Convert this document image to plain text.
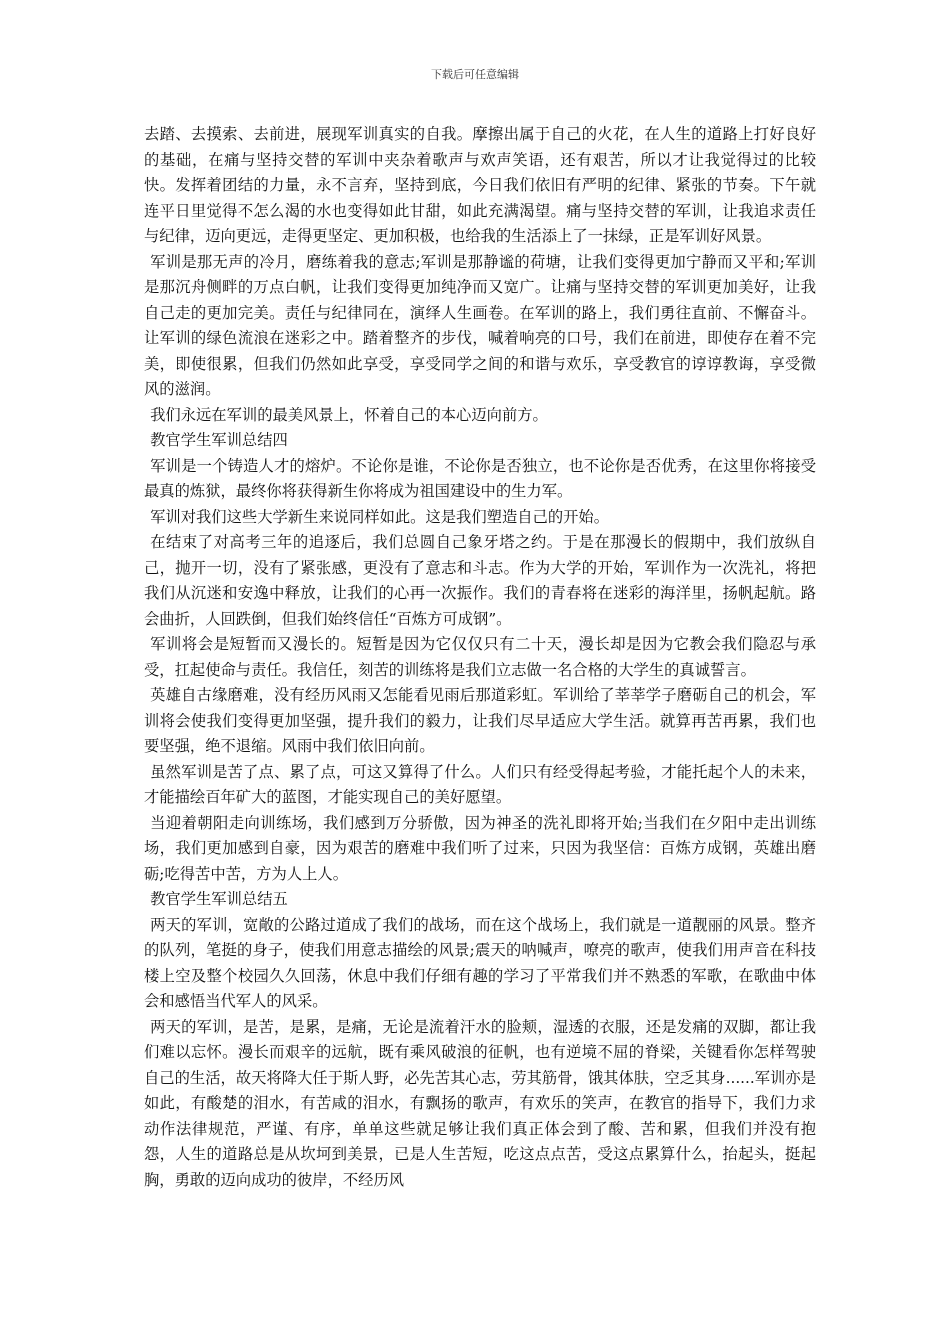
下载后可任意编辑

去踏、去摸索、去前进，展现军训真实的自我。摩擦出属于自己的火花，在人生的道路上打好良好的基础，在痛与坚持交替的军训中夹杂着歌声与欢声笑语，还有艰苦，所以才让我觉得过的比较快。发挥着团结的力量，永不言弃，坚持到底，今日我们依旧有严明的纪律、紧张的节奏。下午就连平日里觉得不怎么渴的水也变得如此甘甜，如此充满渴望。痛与坚持交替的军训，让我追求责任与纪律，迈向更远，走得更坚定、更加积极，也给我的生活添上了一抹绿，正是军训好风景。

军训是那无声的冷月，磨练着我的意志;军训是那静谧的荷塘，让我们变得更加宁静而又平和;军训是那沉舟侧畔的万点白帆，让我们变得更加纯净而又宽广。让痛与坚持交替的军训更加美好，让我自己走的更加完美。责任与纪律同在，演绎人生画卷。在军训的路上，我们勇往直前、不懈奋斗。让军训的绿色流浪在迷彩之中。踏着整齐的步伐，喊着响亮的口号，我们在前进，即使存在着不完美，即使很累，但我们仍然如此享受，享受同学之间的和谐与欢乐，享受教官的谆谆教诲，享受微风的滋润。

我们永远在军训的最美风景上，怀着自己的本心迈向前方。

教官学生军训总结四

军训是一个铸造人才的熔炉。不论你是谁，不论你是否独立，也不论你是否优秀，在这里你将接受最真的炼狱，最终你将获得新生你将成为祖国建设中的生力军。

军训对我们这些大学新生来说同样如此。这是我们塑造自己的开始。

在结束了对高考三年的追逐后，我们总圆自己象牙塔之约。于是在那漫长的假期中，我们放纵自己，抛开一切，没有了紧张感，更没有了意志和斗志。作为大学的开始，军训作为一次洗礼，将把我们从沉迷和安逸中释放，让我们的心再一次振作。我们的青春将在迷彩的海洋里，扬帆起航。路会曲折，人回跌倒，但我们始终信任“百炼方可成钢”。

军训将会是短暂而又漫长的。短暂是因为它仅仅只有二十天，漫长却是因为它教会我们隐忍与承受，扛起使命与责任。我信任，刻苦的训练将是我们立志做一名合格的大学生的真诚誓言。

英雄自古缘磨难，没有经历风雨又怎能看见雨后那道彩虹。军训给了莘莘学子磨砺自己的机会，军训将会使我们变得更加坚强，提升我们的毅力，让我们尽早适应大学生活。就算再苦再累，我们也要坚强，绝不退缩。风雨中我们依旧向前。

虽然军训是苦了点、累了点，可这又算得了什么。人们只有经受得起考验，才能托起个人的未来，才能描绘百年矿大的蓝图，才能实现自己的美好愿望。

当迎着朝阳走向训练场，我们感到万分骄傲，因为神圣的洗礼即将开始;当我们在夕阳中走出训练场，我们更加感到自豪，因为艰苦的磨难中我们听了过来，只因为我坚信：百炼方成钢，英雄出磨砺;吃得苦中苦，方为人上人。

教官学生军训总结五

两天的军训，宽敞的公路过道成了我们的战场，而在这个战场上，我们就是一道靓丽的风景。整齐的队列，笔挺的身子，使我们用意志描绘的风景;震天的呐喊声，嘹亮的歌声，使我们用声音在科技楼上空及整个校园久久回荡，休息中我们仔细有趣的学习了平常我们并不熟悉的军歌，在歌曲中体会和感悟当代军人的风采。

两天的军训，是苦，是累，是痛，无论是流着汗水的脸颊，湿透的衣服，还是发痛的双脚，都让我们难以忘怀。漫长而艰辛的远航，既有乘风破浪的征帆，也有逆境不屈的脊梁，关键看你怎样驾驶自己的生活，故天将降大任于斯人野，必先苦其心志，劳其筋骨，饿其体肤，空乏其身......军训亦是如此，有酸楚的泪水，有苦咸的泪水，有飘扬的歌声，有欢乐的笑声，在教官的指导下，我们力求动作法律规范，严谨、有序，单单这些就足够让我们真正体会到了酸、苦和累，但我们并没有抱怨，人生的道路总是从坎坷到美景，已是人生苦短，吃这点点苦，受这点累算什么，抬起头，挺起胸，勇敢的迈向成功的彼岸，不经历风
